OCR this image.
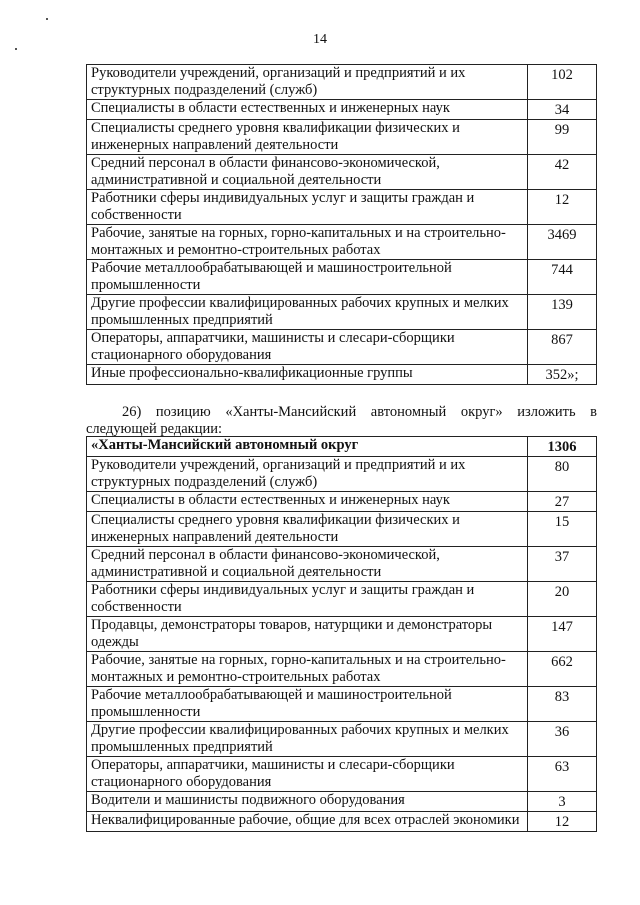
14
Руководители учреждений, организаций и предприятий и их структурных подразделений (служб)	102
Специалисты в области естественных и инженерных наук	34
Специалисты среднего уровня квалификации физических и инженерных направлений деятельности	99
Средний персонал в области финансово-экономической, административной и социальной деятельности	42
Работники сферы индивидуальных услуг и защиты граждан и собственности	12
Рабочие, занятые на горных, горно-капитальных и на строительно-монтажных и ремонтно-строительных работах	3469
Рабочие металлообрабатывающей и машиностроительной промышленности	744
Другие профессии квалифицированных рабочих крупных и мелких промышленных предприятий	139
Операторы, аппаратчики, машинисты и слесари-сборщики стационарного оборудования	867
Иные профессионально-квалификационные группы	352»;
26) позицию «Ханты-Мансийский автономный округ» изложить в следующей редакции:
«Ханты-Мансийский автономный округ	1306
Руководители учреждений, организаций и предприятий и их структурных подразделений (служб)	80
Специалисты в области естественных и инженерных наук	27
Специалисты среднего уровня квалификации физических и инженерных направлений деятельности	15
Средний персонал в области финансово-экономической, административной и социальной деятельности	37
Работники сферы индивидуальных услуг и защиты граждан и собственности	20
Продавцы, демонстраторы товаров, натурщики и демонстраторы одежды	147
Рабочие, занятые на горных, горно-капитальных и на строительно-монтажных и ремонтно-строительных работах	662
Рабочие металлообрабатывающей и машиностроительной промышленности	83
Другие профессии квалифицированных рабочих крупных и мелких промышленных предприятий	36
Операторы, аппаратчики, машинисты и слесари-сборщики стационарного оборудования	63
Водители и машинисты подвижного оборудования	3
Неквалифицированные рабочие, общие для всех отраслей экономики	12
